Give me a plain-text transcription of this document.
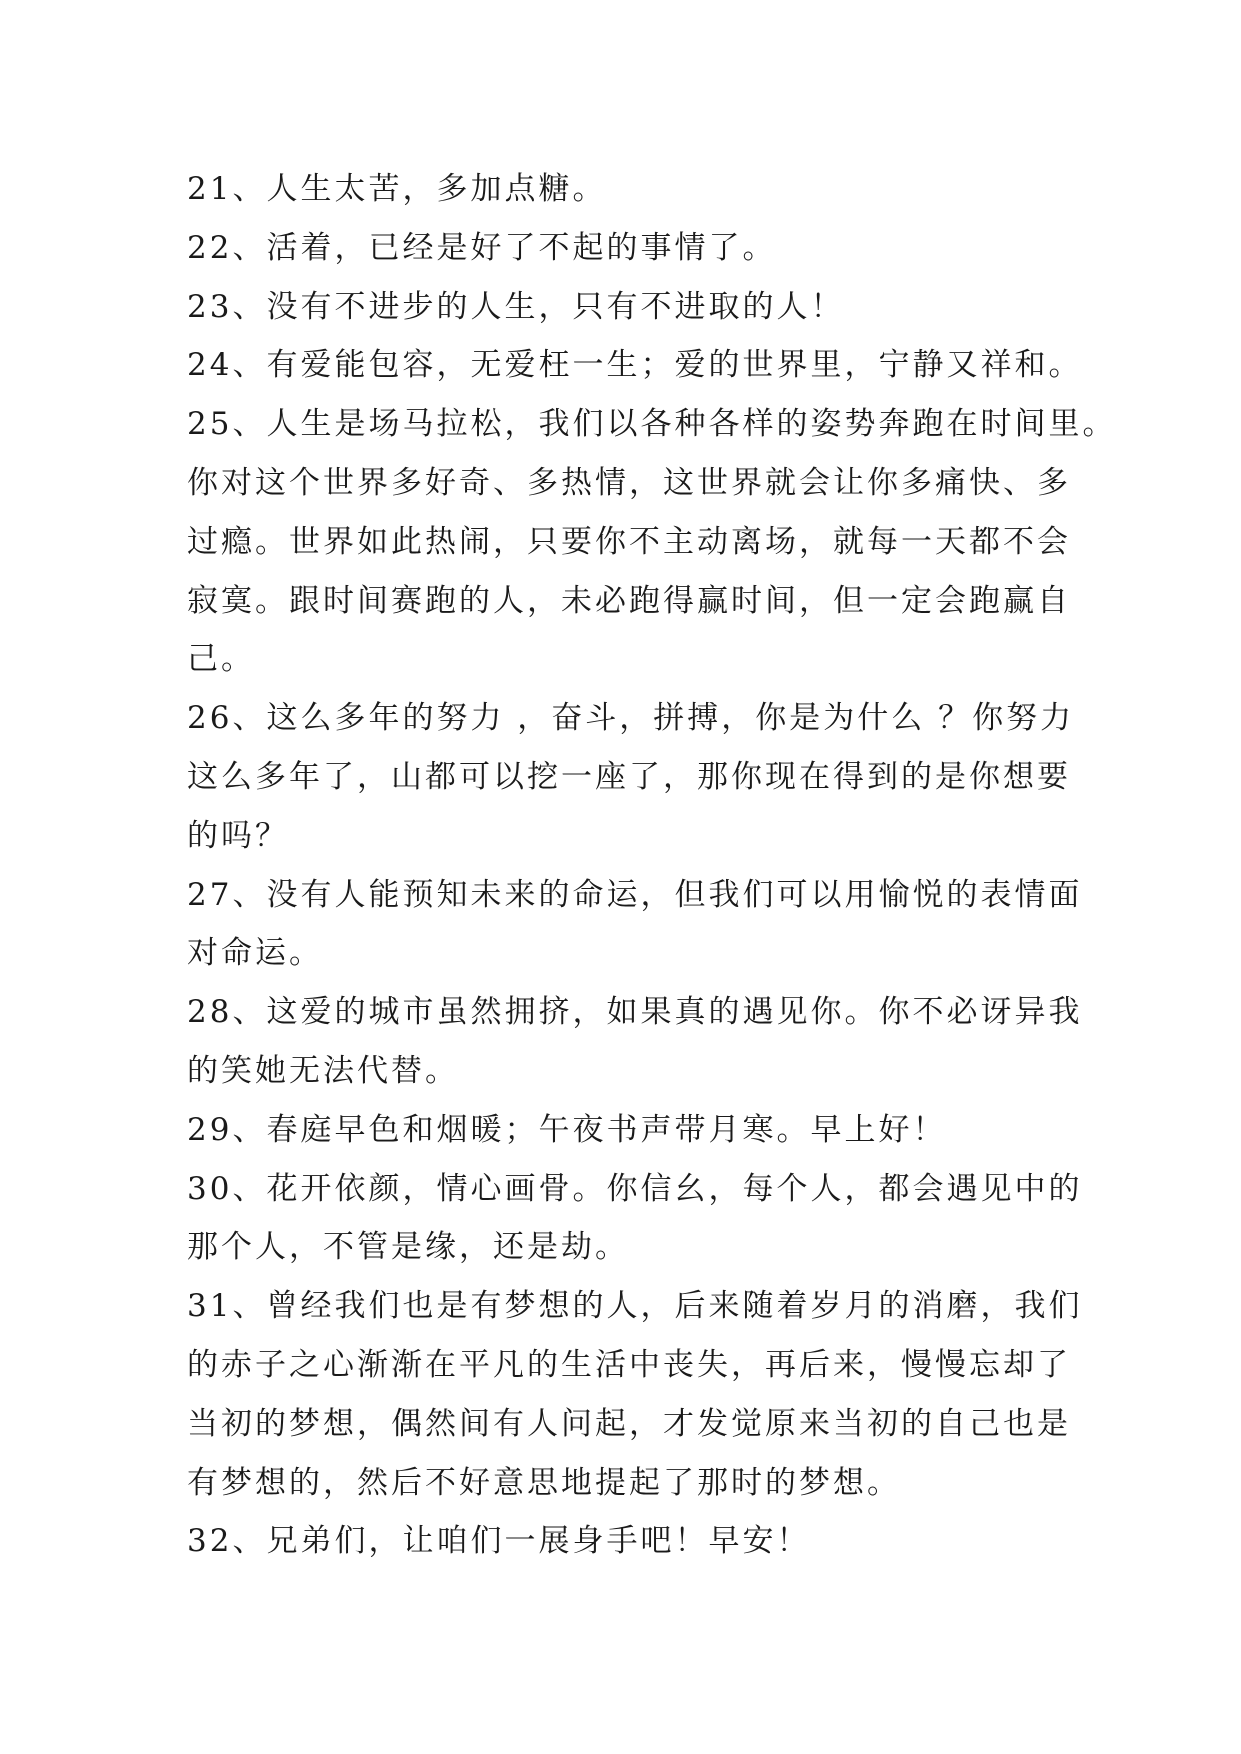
21、人生太苦，多加点糖。
22、活着，已经是好了不起的事情了。
23、没有不进步的人生，只有不进取的人！
24、有爱能包容，无爱枉一生；爱的世界里，宁静又祥和。
25、人生是场马拉松，我们以各种各样的姿势奔跑在时间里。
你对这个世界多好奇、多热情，这世界就会让你多痛快、多
过瘾。世界如此热闹，只要你不主动离场，就每一天都不会
寂寞。跟时间赛跑的人，未必跑得赢时间，但一定会跑赢自
己。
26、这么多年的努力 ，奋斗，拼搏，你是为什么 ？你努力
这么多年了，山都可以挖一座了，那你现在得到的是你想要
的吗？
27、没有人能预知未来的命运，但我们可以用愉悦的表情面
对命运。
28、这爱的城市虽然拥挤，如果真的遇见你。你不必讶异我
的笑她无法代替。
29、春庭早色和烟暖；午夜书声带月寒。早上好！
30、花开依颜，情心画骨。你信幺，每个人，都会遇见中的
那个人，不管是缘，还是劫。
31、曾经我们也是有梦想的人，后来随着岁月的消磨，我们
的赤子之心渐渐在平凡的生活中丧失，再后来，慢慢忘却了
当初的梦想，偶然间有人问起，才发觉原来当初的自己也是
有梦想的，然后不好意思地提起了那时的梦想。
32、兄弟们，让咱们一展身手吧！早安！
